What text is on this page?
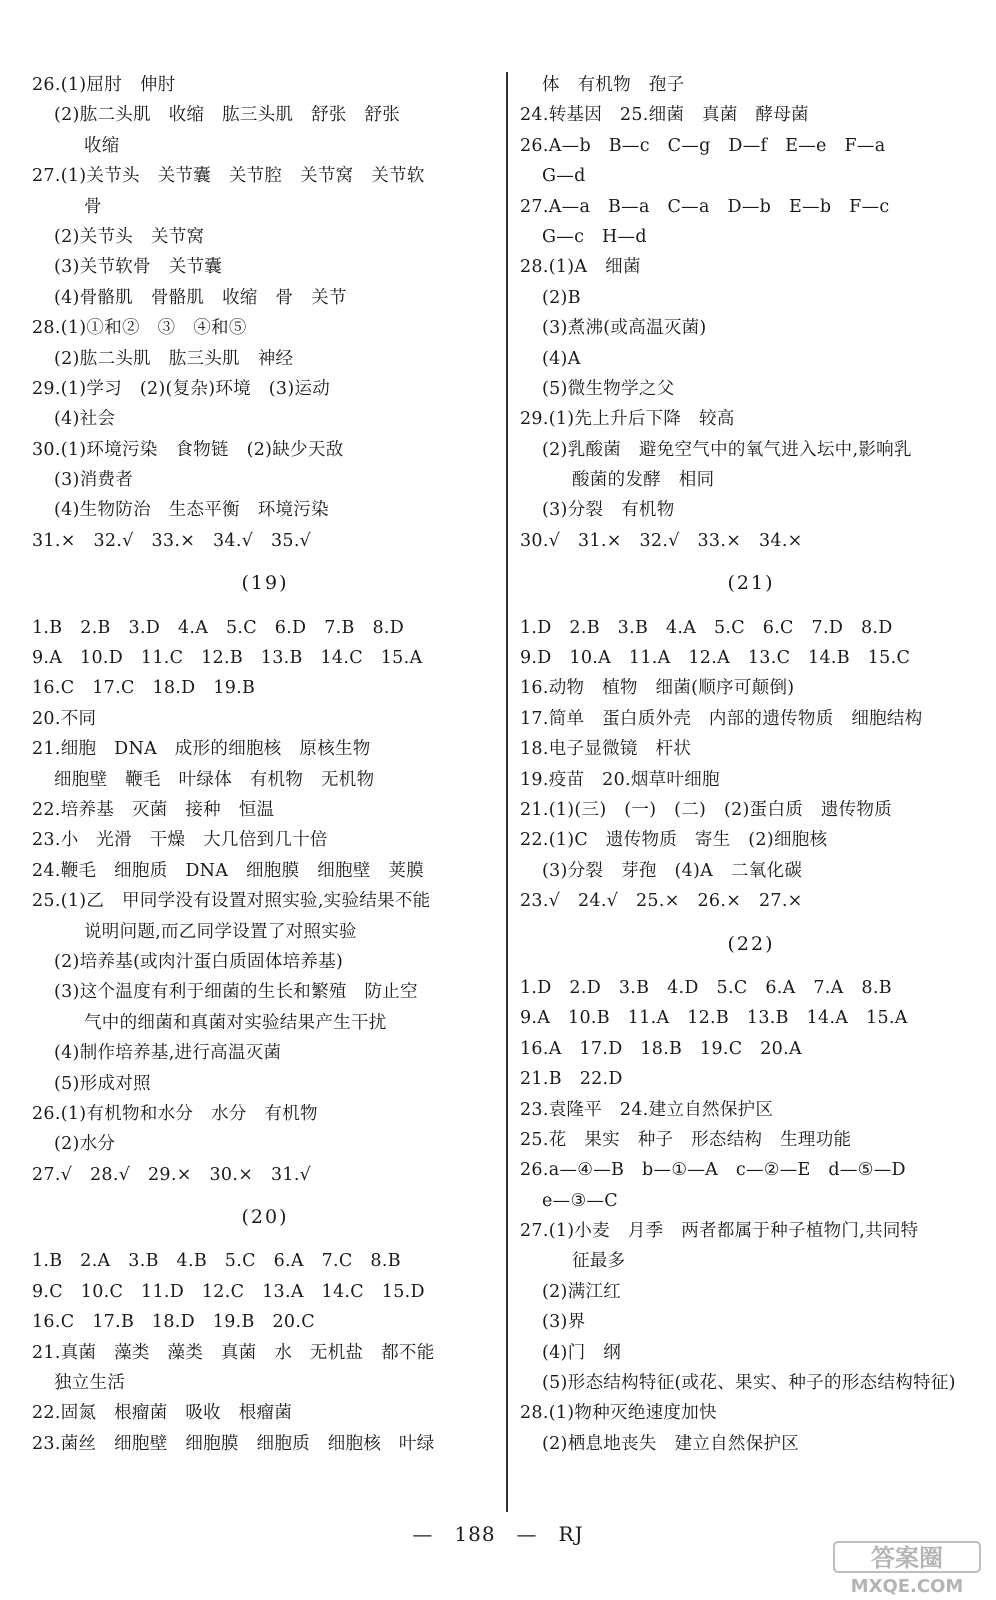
26.(1)屈肘　伸肘
(2)肱二头肌　收缩　肱三头肌　舒张　舒张
收缩
27.(1)关节头　关节囊　关节腔　关节窝　关节软
骨
(2)关节头　关节窝
(3)关节软骨　关节囊
(4)骨骼肌　骨骼肌　收缩　骨　关节
28.(1)①和②　③　④和⑤
(2)肱二头肌　肱三头肌　神经
29.(1)学习　(2)(复杂)环境　(3)运动
(4)社会
30.(1)环境污染　食物链　(2)缺少天敌
(3)消费者
(4)生物防治　生态平衡　环境污染
31.×　32.√　33.×　34.√　35.√
(19)
1.B　2.B　3.D　4.A　5.C　6.D　7.B　8.D
9.A　10.D　11.C　12.B　13.B　14.C　15.A
16.C　17.C　18.D　19.B
20.不同
21.细胞　DNA　成形的细胞核　原核生物
细胞壁　鞭毛　叶绿体　有机物　无机物
22.培养基　灭菌　接种　恒温
23.小　光滑　干燥　大几倍到几十倍
24.鞭毛　细胞质　DNA　细胞膜　细胞壁　荚膜
25.(1)乙　甲同学没有设置对照实验,实验结果不能
说明问题,而乙同学设置了对照实验
(2)培养基(或肉汁蛋白质固体培养基)
(3)这个温度有利于细菌的生长和繁殖　防止空
气中的细菌和真菌对实验结果产生干扰
(4)制作培养基,进行高温灭菌
(5)形成对照
26.(1)有机物和水分　水分　有机物
(2)水分
27.√　28.√　29.×　30.×　31.√
(20)
1.B　2.A　3.B　4.B　5.C　6.A　7.C　8.B
9.C　10.C　11.D　12.C　13.A　14.C　15.D
16.C　17.B　18.D　19.B　20.C
21.真菌　藻类　藻类　真菌　水　无机盐　都不能
独立生活
22.固氮　根瘤菌　吸收　根瘤菌
23.菌丝　细胞壁　细胞膜　细胞质　细胞核　叶绿
体　有机物　孢子
24.转基因　25.细菌　真菌　酵母菌
26.A—b　B—c　C—g　D—f　E—e　F—a
G—d
27.A—a　B—a　C—a　D—b　E—b　F—c
G—c　H—d
28.(1)A　细菌
(2)B
(3)煮沸(或高温灭菌)
(4)A
(5)微生物学之父
29.(1)先上升后下降　较高
(2)乳酸菌　避免空气中的氧气进入坛中,影响乳
酸菌的发酵　相同
(3)分裂　有机物
30.√　31.×　32.√　33.×　34.×
(21)
1.D　2.B　3.B　4.A　5.C　6.C　7.D　8.D
9.D　10.A　11.A　12.A　13.C　14.B　15.C
16.动物　植物　细菌(顺序可颠倒)
17.简单　蛋白质外壳　内部的遗传物质　细胞结构
18.电子显微镜　杆状
19.疫苗　20.烟草叶细胞
21.(1)(三)　(一)　(二)　(2)蛋白质　遗传物质
22.(1)C　遗传物质　寄生　(2)细胞核
(3)分裂　芽孢　(4)A　二氧化碳
23.√　24.√　25.×　26.×　27.×
(22)
1.D　2.D　3.B　4.D　5.C　6.A　7.A　8.B
9.A　10.B　11.A　12.B　13.B　14.A　15.A
16.A　17.D　18.B　19.C　20.A
21.B　22.D
23.袁隆平　24.建立自然保护区
25.花　果实　种子　形态结构　生理功能
26.a—④—B　b—①—A　c—②—E　d—⑤—D
e—③—C
27.(1)小麦　月季　两者都属于种子植物门,共同特
征最多
(2)满江红
(3)界
(4)门　纲
(5)形态结构特征(或花、果实、种子的形态结构特征)
28.(1)物种灭绝速度加快
(2)栖息地丧失　建立自然保护区
—　188　—　RJ
答案圈
MXQE.COM
